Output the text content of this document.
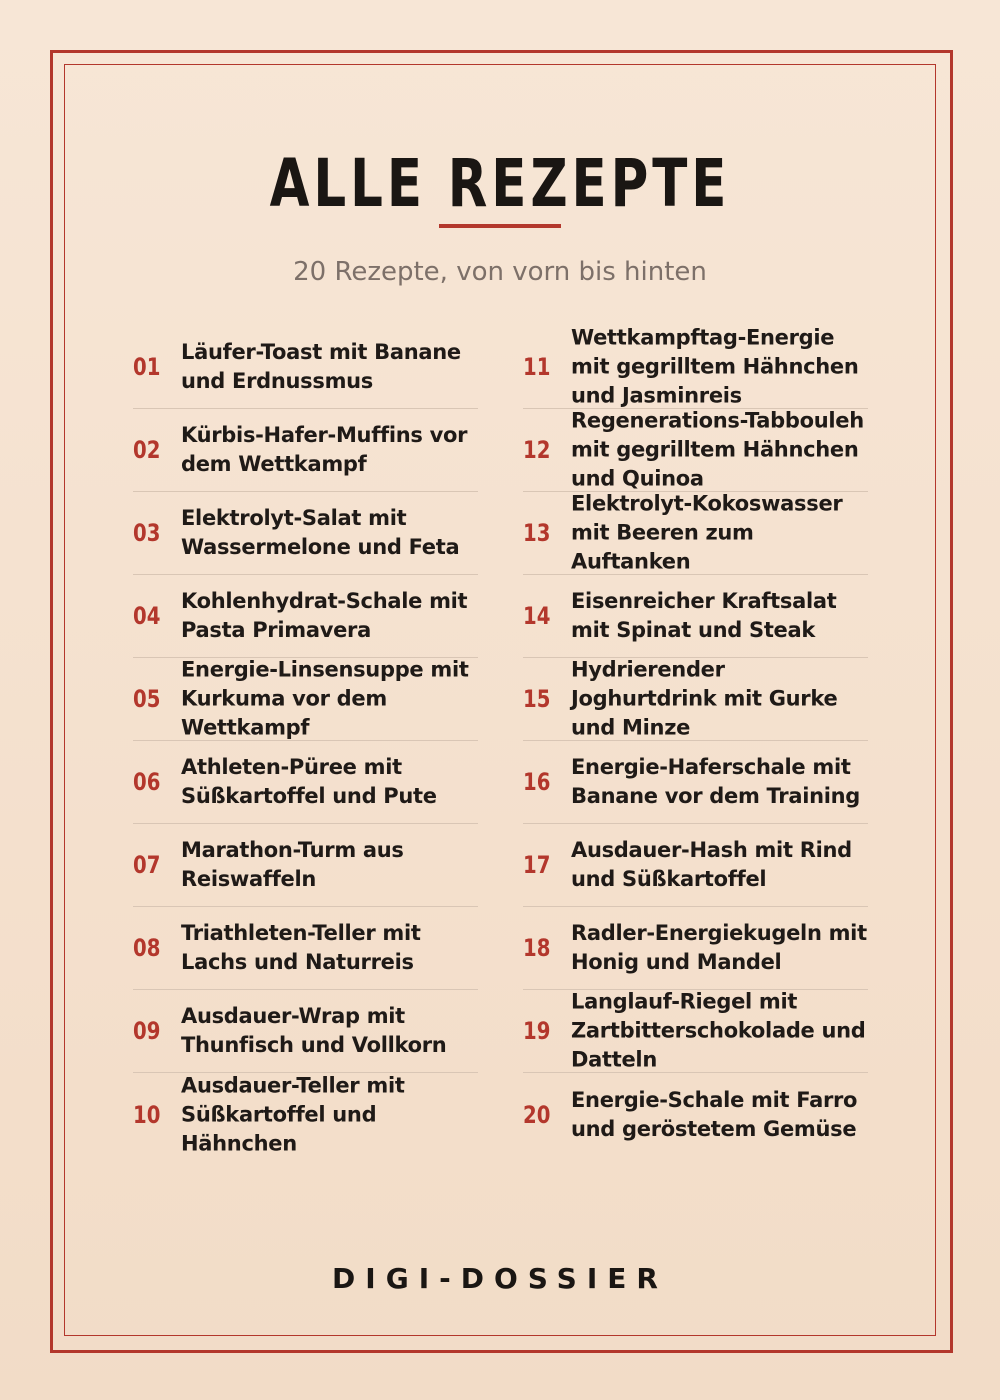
ALLE REZEPTE
20 Rezepte, von vorn bis hinten
01
Läufer-Toast mit Banane und Erdnussmus
02
Kürbis-Hafer-Muffins vor dem Wettkampf
03
Elektrolyt-Salat mit Wassermelone und Feta
04
Kohlenhydrat-Schale mit Pasta Primavera
05
Energie-Linsensuppe mit Kurkuma vor dem Wettkampf
06
Athleten-Püree mit Süßkartoffel und Pute
07
Marathon-Turm aus Reiswaffeln
08
Triathleten-Teller mit Lachs und Naturreis
09
Ausdauer-Wrap mit Thunfisch und Vollkorn
10
Ausdauer-Teller mit Süßkartoffel und Hähnchen
11
Wettkampftag-Energie mit gegrilltem Hähnchen und Jasminreis
12
Regenerations-Tabbouleh mit gegrilltem Hähnchen und Quinoa
13
Elektrolyt-Kokoswasser mit Beeren zum Auftanken
14
Eisenreicher Kraftsalat mit Spinat und Steak
15
Hydrierender Joghurtdrink mit Gurke und Minze
16
Energie-Haferschale mit Banane vor dem Training
17
Ausdauer-Hash mit Rind und Süßkartoffel
18
Radler-Energiekugeln mit Honig und Mandel
19
Langlauf-Riegel mit Zartbitterschokolade und Datteln
20
Energie-Schale mit Farro und geröstetem Gemüse
DIGI-DOSSIER
